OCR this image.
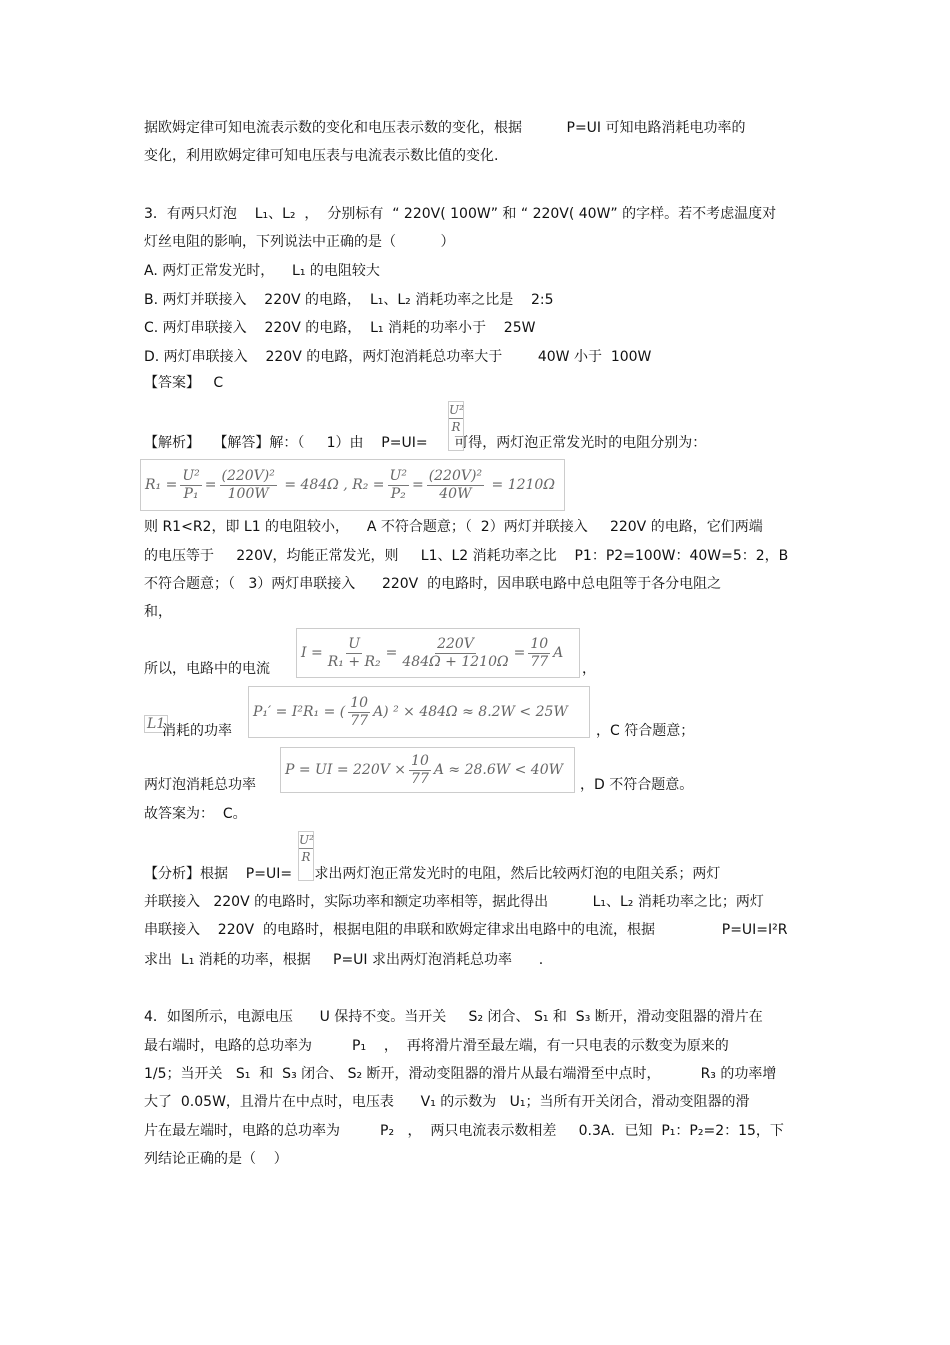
据欧姆定律可知电流表示数的变化和电压表示数的变化，根据          P=UI 可知电路消耗电功率的
变化，利用欧姆定律可知电压表与电流表示数比值的变化.
3．有两只灯泡    L₁、L₂  ，  分别标有  “ 220V( 100W” 和 “ 220V( 40W” 的字样。若不考虑温度对
灯丝电阻的影响，下列说法中正确的是（          ）
A. 两灯正常发光时，    L₁ 的电阻较大
B. 两灯并联接入    220V 的电路，  L₁、L₂ 消耗功率之比是    2:5
C. 两灯串联接入    220V 的电路，  L₁ 消耗的功率小于    25W
D. 两灯串联接入    220V 的电路，两灯泡消耗总功率大于        40W 小于  100W
【答案】   C
【解析】   【解答】解：（     1）由    P=UI=      可得，两灯泡正常发光时的电阻分别为：
U²
R
R₁
= $\frac{\text{U²}}{\text{P₁}} = \frac{\text{(220V)²}}{100W}$
= 484Ω , $R_2 = \frac{\text{U²}}{\text{P₂}} = \frac{\text{(220V)²}}{40W}$
= 1210Ω
则 R1<R2，即 L1 的电阻较小，    A 不符合题意；（  2）两灯并联接入     220V 的电路，它们两端
的电压等于     220V，均能正常发光，则     L1、L2 消耗功率之比    P1：P2=100W：40W=5：2，B
不符合题意；（   3）两灯串联接入      220V  的电路时，因串联电路中总电阻等于各分电阻之
和，
所以，电路中的电流
$I = \frac{U}{\text{R₁ + R₂}} = \frac{220V}{484\Omega + 1210\Omega} = \frac{10}{77}$ A
，
L1
消耗的功率
P₁′ = I²R₁ = ( $\frac{10}{77} A$) ² × 484Ω ≈ 8.2W < 25W
，C 符合题意；
两灯泡消耗总功率
P = UI = $220V \times \frac{10}{77}$ A ≈ 28.6W < 40W
，D 不符合题意。
故答案为：  C。
【分析】根据    P=UI=     求出两灯泡正常发光时的电阻，然后比较两灯泡的电阻关系；两灯
U²
R
并联接入   220V 的电路时，实际功率和额定功率相等，据此得出          L₁、L₂ 消耗功率之比；两灯
串联接入    220V  的电路时，根据电阻的串联和欧姆定律求出电路中的电流，根据               P=UI=I²R
求出  L₁ 消耗的功率，根据     P=UI 求出两灯泡消耗总功率      .
4．如图所示，电源电压      U 保持不变。当开关     S₂ 闭合、 S₁ 和  S₃ 断开，滑动变阻器的滑片在
最右端时，电路的总功率为         P₁    ，  再将滑片滑至最左端，有一只电表的示数变为原来的
1/5；当开关   S₁  和  S₃ 闭合、 S₂ 断开，滑动变阻器的滑片从最右端滑至中点时，         R₃ 的功率增
大了  0.05W，且滑片在中点时，电压表      V₁ 的示数为   U₁；当所有开关闭合，滑动变阻器的滑
片在最左端时，电路的总功率为         P₂   ，  两只电流表示数相差     0.3A．已知  P₁：P₂=2：15，下
列结论正确的是（    ）
